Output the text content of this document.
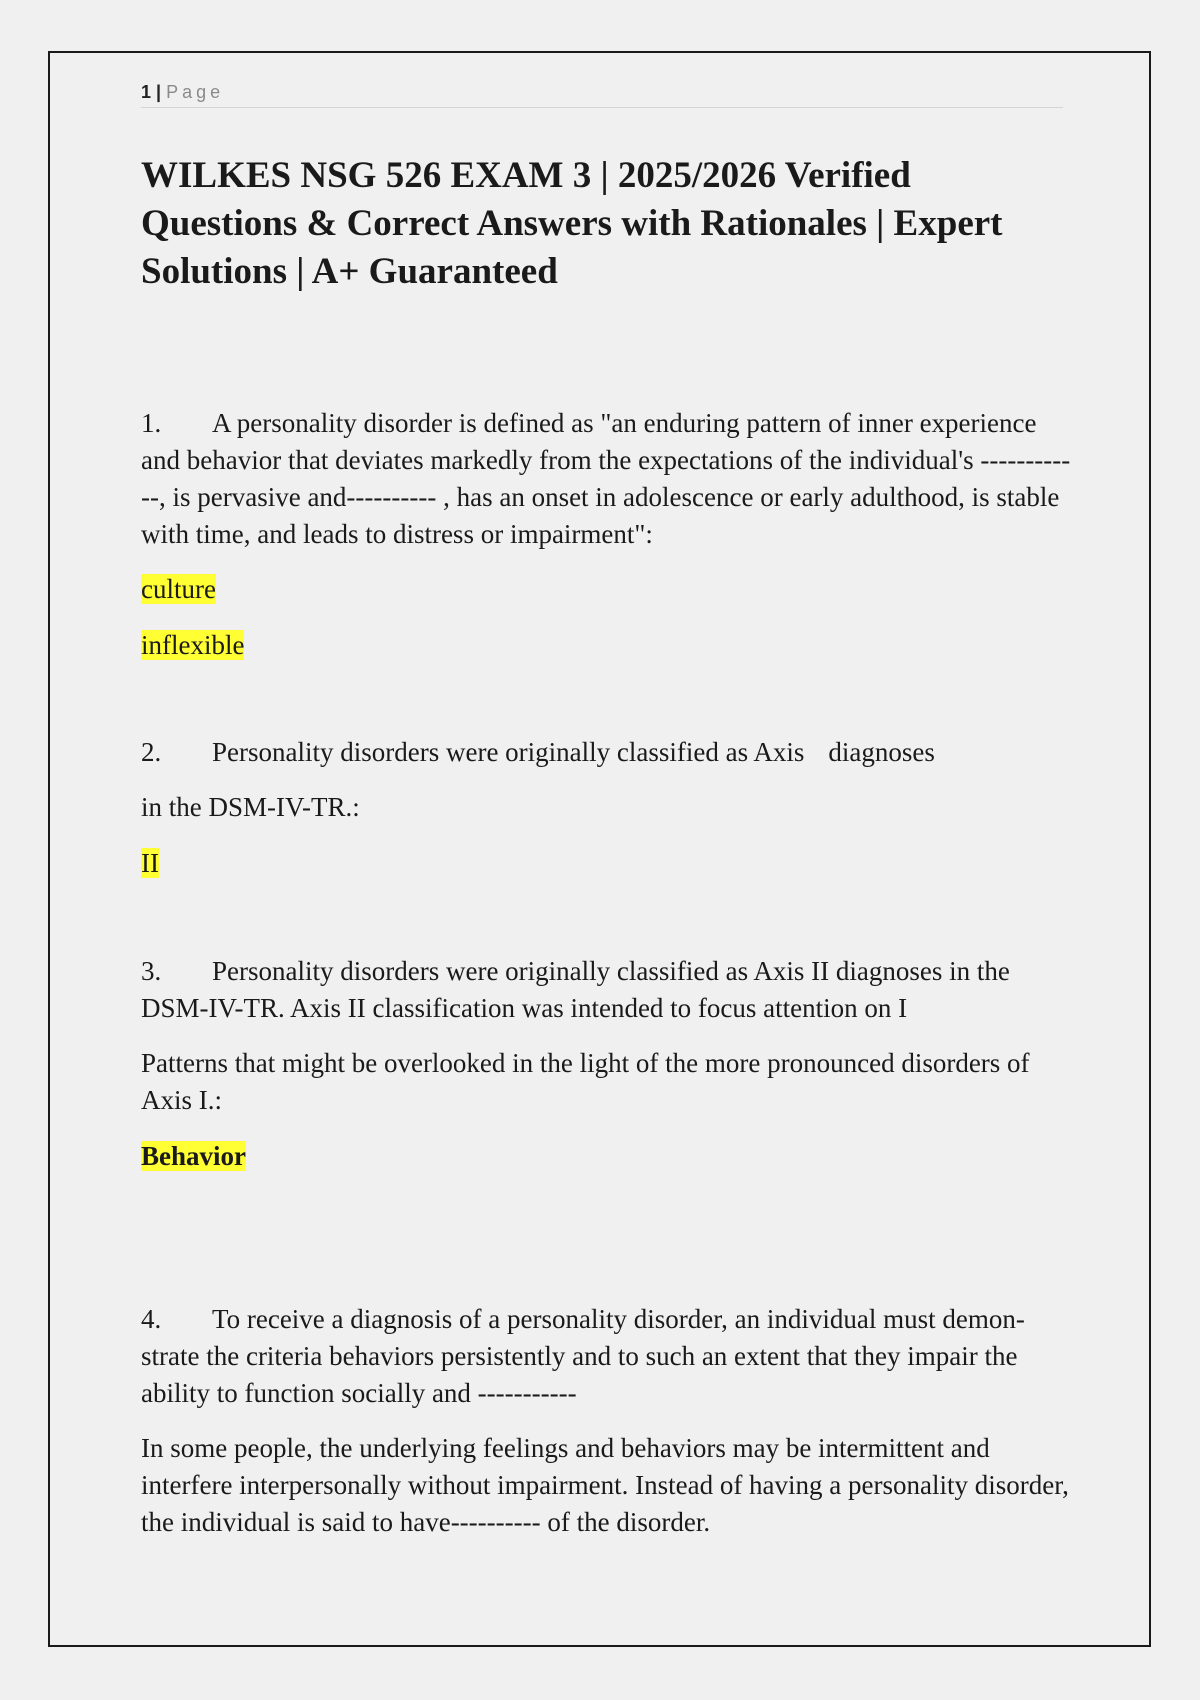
1 | Page
WILKES NSG 526 EXAM 3 | 2025/2026 Verified Questions & Correct Answers with Rationales | Expert Solutions | A+ Guaranteed

1. A personality disorder is defined as "an enduring pattern of inner experience and behavior that deviates markedly from the expectations of the individual's ------------, is pervasive and---------- , has an onset in adolescence or early adulthood, is stable with time, and leads to distress or impairment":

culture

inflexible

2. Personality disorders were originally classified as Axis diagnoses

in the DSM-IV-TR.:

II

3. Personality disorders were originally classified as Axis II diagnoses in the DSM-IV-TR. Axis II classification was intended to focus attention on I

Patterns that might be overlooked in the light of the more pronounced disorders of Axis I.:

Behavior

4. To receive a diagnosis of a personality disorder, an individual must demon- strate the criteria behaviors persistently and to such an extent that they impair the ability to function socially and -----------

In some people, the underlying feelings and behaviors may be intermittent and interfere interpersonally without impairment. Instead of having a personality disorder, the individual is said to have---------- of the disorder.
